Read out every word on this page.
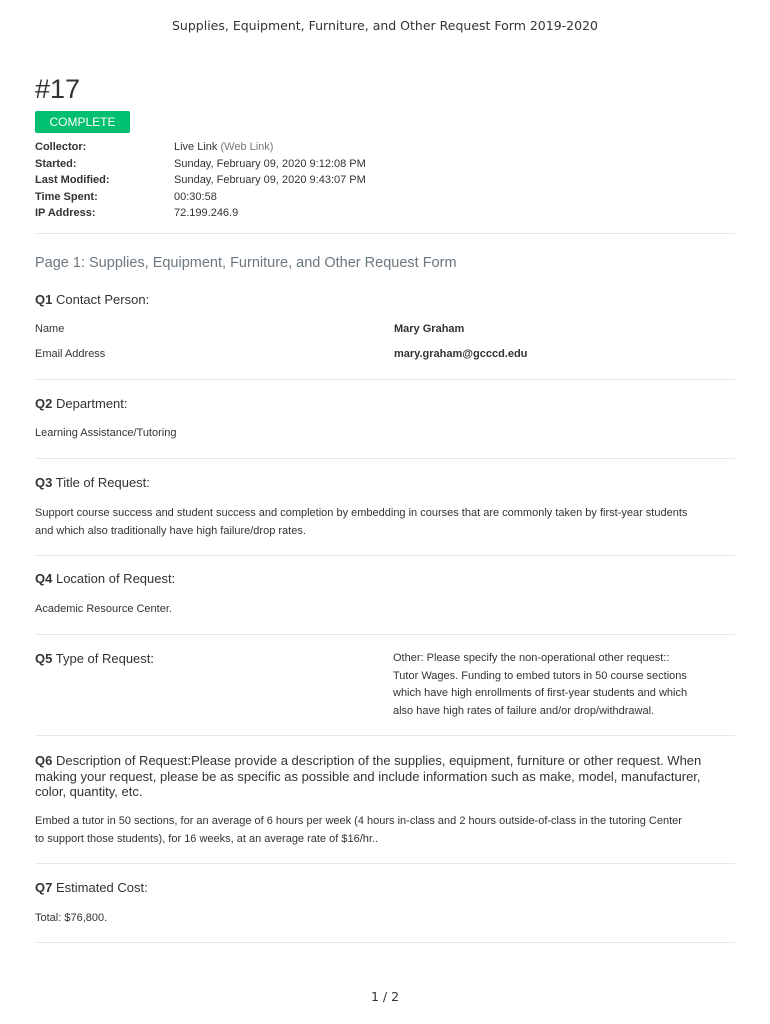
Supplies, Equipment, Furniture, and Other Request Form 2019-2020
#17
COMPLETE
Collector:	Live Link (Web Link)
Started:	Sunday, February 09, 2020 9:12:08 PM
Last Modified:	Sunday, February 09, 2020 9:43:07 PM
Time Spent:	00:30:58
IP Address:	72.199.246.9
Page 1: Supplies, Equipment, Furniture, and Other Request Form
Q1 Contact Person:
Name	Mary Graham
Email Address	mary.graham@gcccd.edu
Q2 Department:
Learning Assistance/Tutoring
Q3 Title of Request:
Support course success and student success and completion by embedding in courses that are commonly taken by first-year students
and which also traditionally have high failure/drop rates.
Q4 Location of Request:
Academic Resource Center.
Q5 Type of Request:	Other: Please specify the non-operational other request::
Tutor Wages. Funding to embed tutors in 50 course sections
which have high enrollments of first-year students and which
also have high rates of failure and/or drop/withdrawal.
Q6 Description of Request:Please provide a description of the supplies, equipment, furniture or other request. When
making your request, please be as specific as possible and include information such as make, model, manufacturer,
color, quantity, etc.
Embed a tutor in 50 sections, for an average of 6 hours per week (4 hours in-class and 2 hours outside-of-class in the tutoring Center
to support those students), for 16 weeks, at an average rate of $16/hr..
Q7 Estimated Cost:
Total: $76,800.
1 / 2
